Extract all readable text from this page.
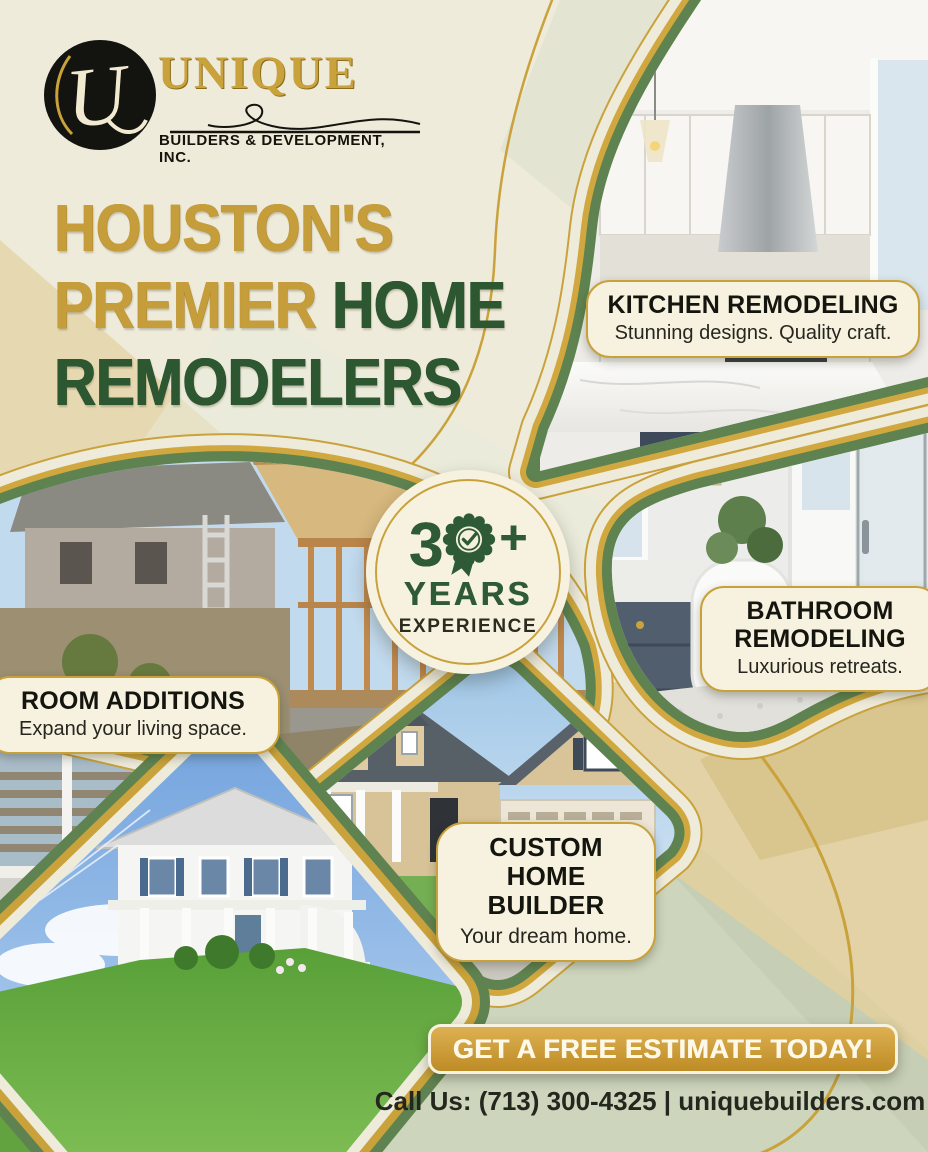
U UNIQUE
BUILDERS & DEVELOPMENT, INC.
HOUSTON'S
PREMIER HOME
REMODELERS
KITCHEN REMODELING
Stunning designs. Quality craft.
BATHROOM REMODELING
Luxurious retreats.
ROOM ADDITIONS
Expand your living space.
CUSTOM HOME BUILDER
Your dream home.
3 +
YEARS
EXPERIENCE
GET A FREE ESTIMATE TODAY!
Call Us: (713) 300-4325 | uniquebuilders.com
